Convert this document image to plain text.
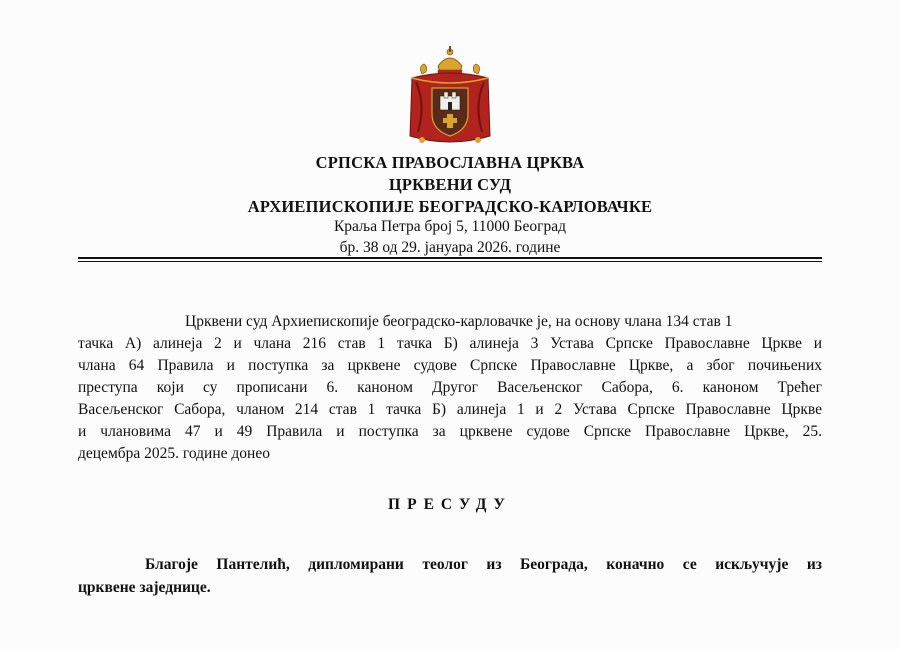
СРПСКА ПРАВОСЛАВНА ЦРКВА
ЦРКВЕНИ СУД
АРХИЕПИСКОПИЈЕ БЕОГРАДСКО-КАРЛОВАЧКЕ
Краља Петра број 5, 11000 Београд
бр. 38 од 29. јануара 2026. године
Црквени суд Архиепископије београдско-карловачке је, на основу члана 134 став 1
тачка А) алинеја 2 и члана 216 став 1 тачка Б) алинеја 3 Устава Српске Православне Цркве и
члана 64 Правила и поступка за црквене судове Српске Православне Цркве, а због почињених
преступа који су прописани 6. каноном Другог Васељенског Сабора, 6. каноном Трећег
Васељенског Сабора, чланом 214 став 1 тачка Б) алинеја 1 и 2 Устава Српске Православне Цркве
и члановима 47 и 49 Правила и поступка за црквене судове Српске Православне Цркве, 25.
децембра 2025. године донео
ПРЕСУДУ
Благоје Пантелић, дипломирани теолог из Београда, коначно се искључује из
црквене заједнице.
